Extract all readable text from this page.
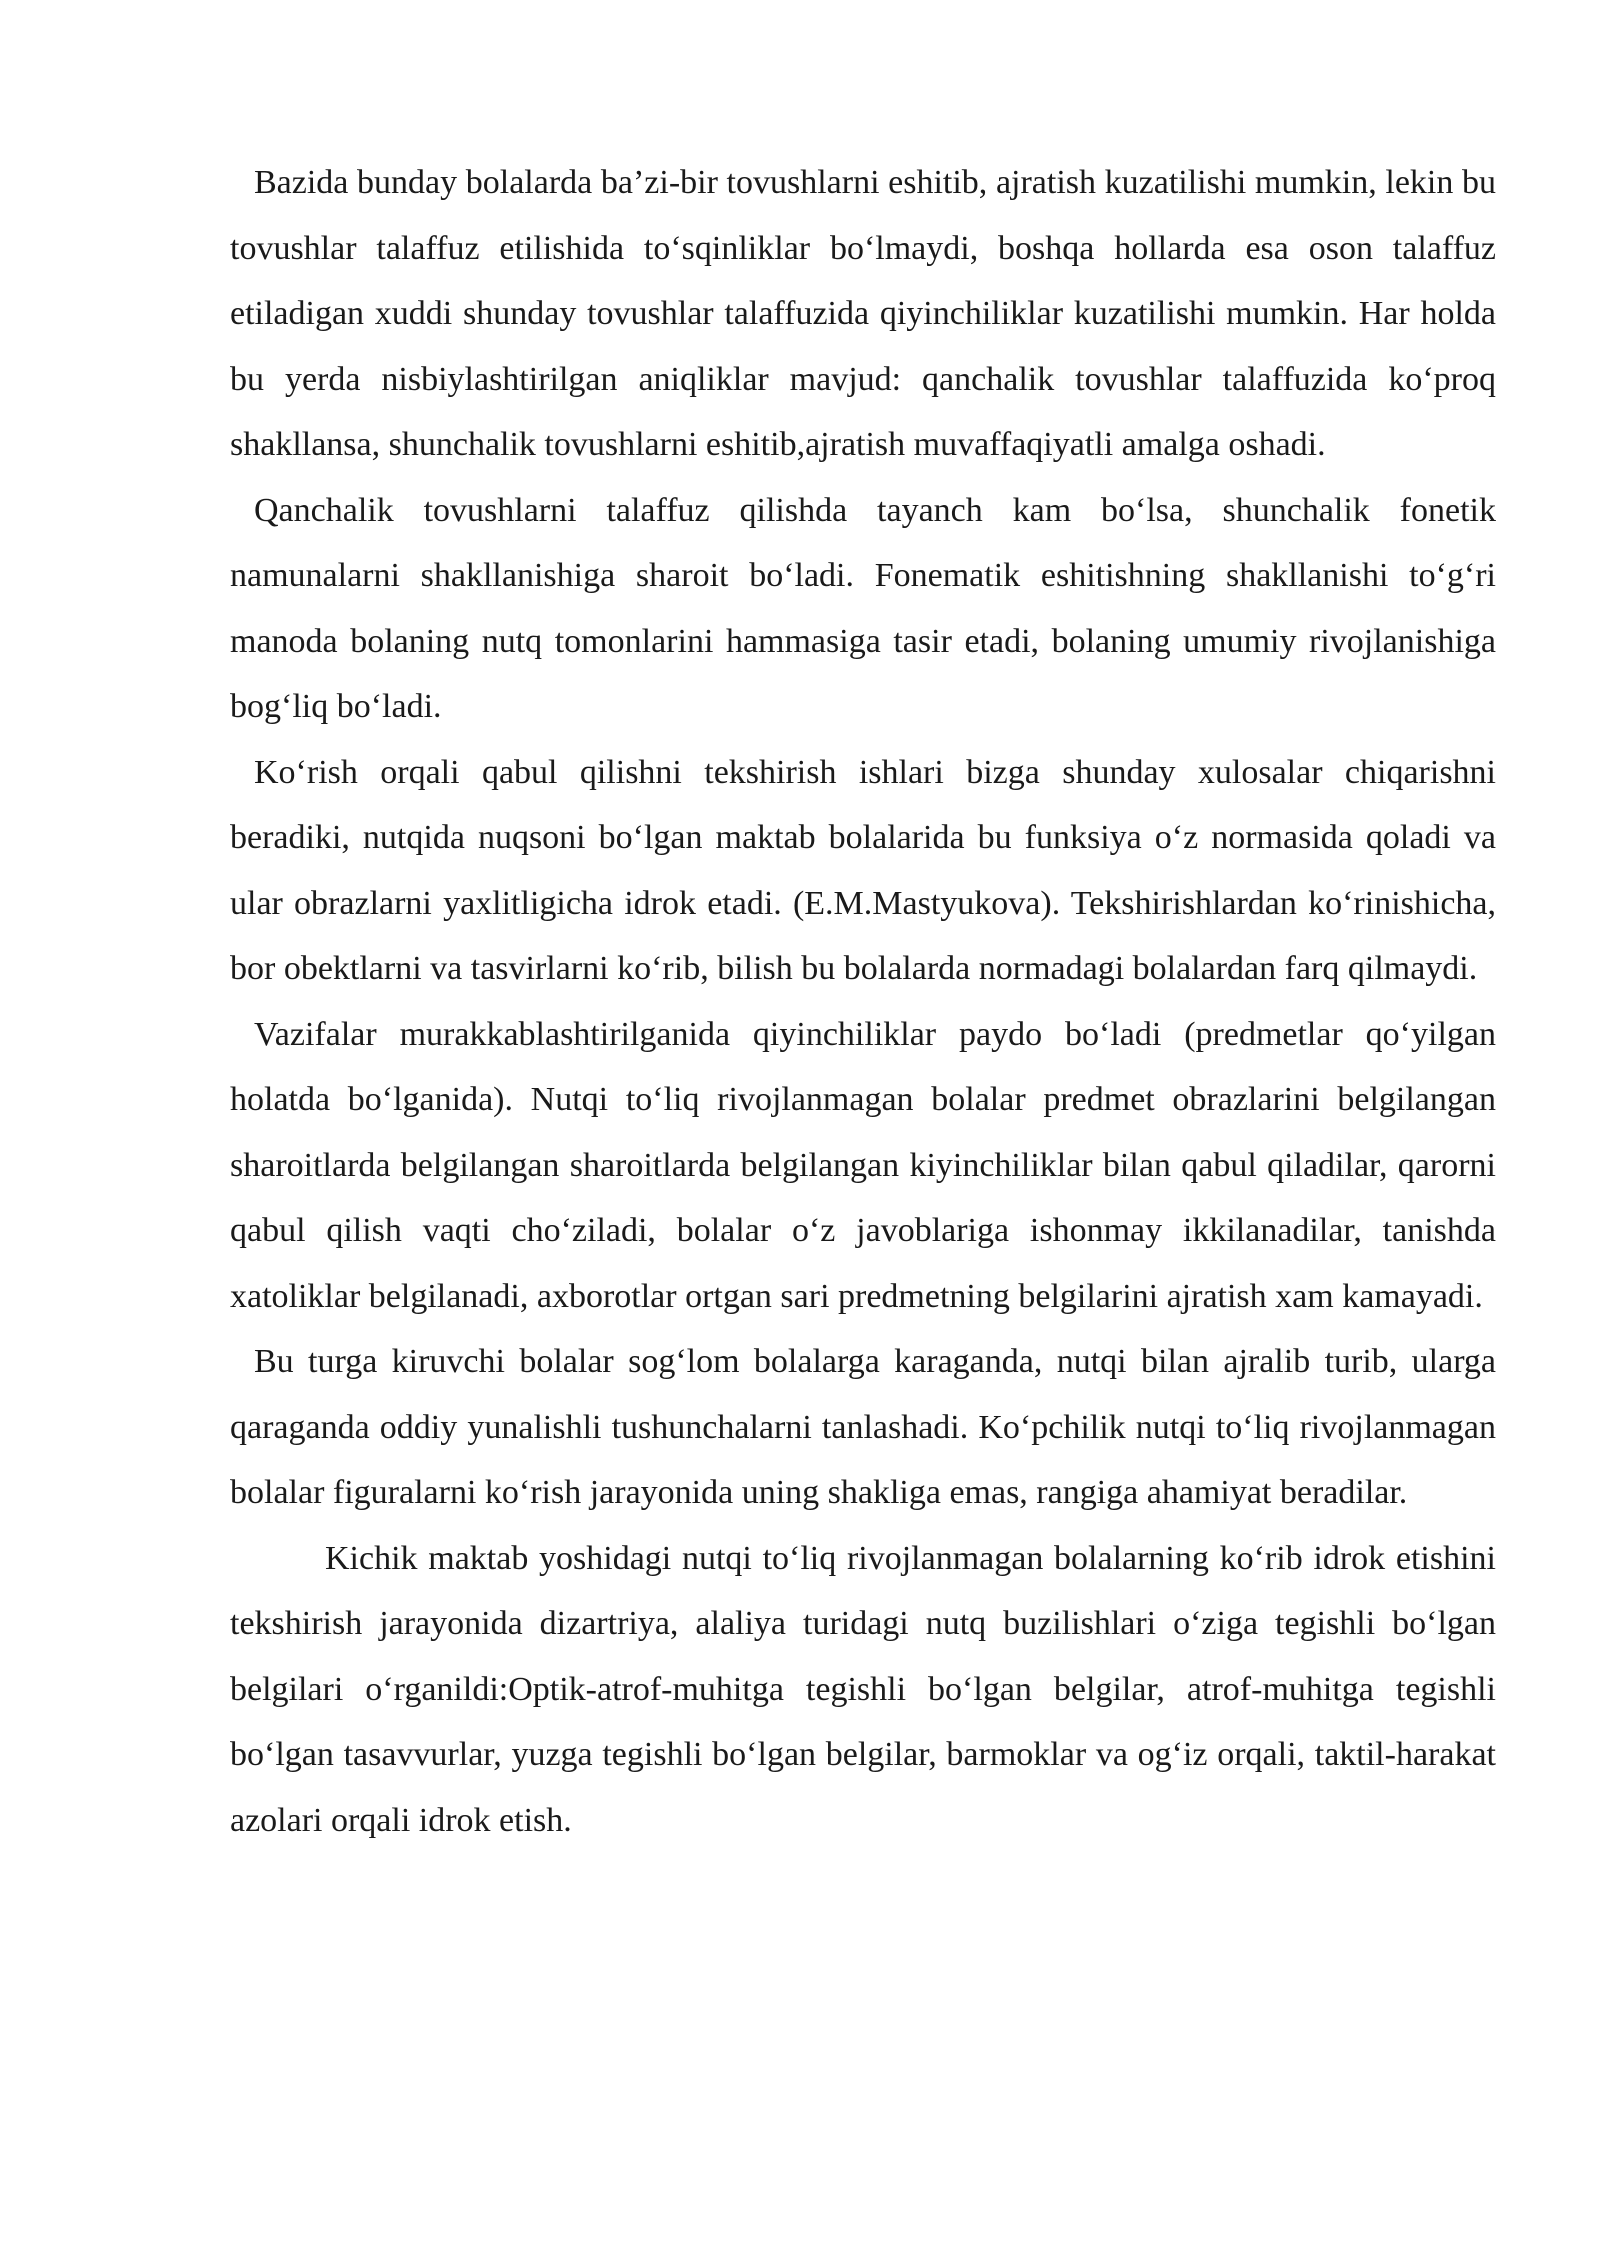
Bazida bunday bolalarda ba’zi-bir tovushlarni eshitib, ajratish kuzatilishi mumkin, lekin bu tovushlar talaffuz etilishida to‘sqinliklar bo‘lmaydi, boshqa hollarda esa oson talaffuz etiladigan xuddi shunday tovushlar talaffuzida qiyinchiliklar kuzatilishi mumkin. Har holda bu yerda nisbiylashtirilgan aniqliklar mavjud: qanchalik tovushlar talaffuzida ko‘proq shakllansa, shunchalik tovushlarni eshitib,ajratish muvaffaqiyatli amalga oshadi.

Qanchalik tovushlarni talaffuz qilishda tayanch kam bo‘lsa, shunchalik fonetik namunalarni shakllanishiga sharoit bo‘ladi. Fonematik eshitishning shakllanishi to‘g‘ri manoda bolaning nutq tomonlarini hammasiga tasir etadi, bolaning umumiy rivojlanishiga bog‘liq bo‘ladi.

Ko‘rish orqali qabul qilishni tekshirish ishlari bizga shunday xulosalar chiqarishni beradiki, nutqida nuqsoni bo‘lgan maktab bolalarida bu funksiya o‘z normasida qoladi va ular obrazlarni yaxlitligicha idrok etadi. (E.M.Mastyukova). Tekshirishlardan ko‘rinishicha, bor obektlarni va tasvirlarni ko‘rib, bilish bu bolalarda normadagi bolalardan farq qilmaydi.

Vazifalar murakkablashtirilganida qiyinchiliklar paydo bo‘ladi (predmetlar qo‘yilgan holatda bo‘lganida). Nutqi to‘liq rivojlanmagan bolalar predmet obrazlarini belgilangan sharoitlarda belgilangan sharoitlarda belgilangan kiyinchiliklar bilan qabul qiladilar, qarorni qabul qilish vaqti cho‘ziladi, bolalar o‘z javoblariga ishonmay ikkilanadilar, tanishda xatoliklar belgilanadi, axborotlar ortgan sari predmetning belgilarini ajratish xam kamayadi.

Bu turga kiruvchi bolalar sog‘lom bolalarga karaganda, nutqi bilan ajralib turib, ularga qaraganda oddiy yunalishli tushunchalarni tanlashadi. Ko‘pchilik nutqi to‘liq rivojlanmagan bolalar figuralarni ko‘rish jarayonida uning shakliga emas, rangiga ahamiyat beradilar.

Kichik maktab yoshidagi nutqi to‘liq rivojlanmagan bolalarning ko‘rib idrok etishini tekshirish jarayonida dizartriya, alaliya turidagi nutq buzilishlari o‘ziga tegishli bo‘lgan belgilari o‘rganildi:Optik-atrof-muhitga tegishli bo‘lgan belgilar, atrof-muhitga tegishli bo‘lgan tasavvurlar, yuzga tegishli bo‘lgan belgilar, barmoklar va og‘iz orqali, taktil-harakat azolari orqali idrok etish.
